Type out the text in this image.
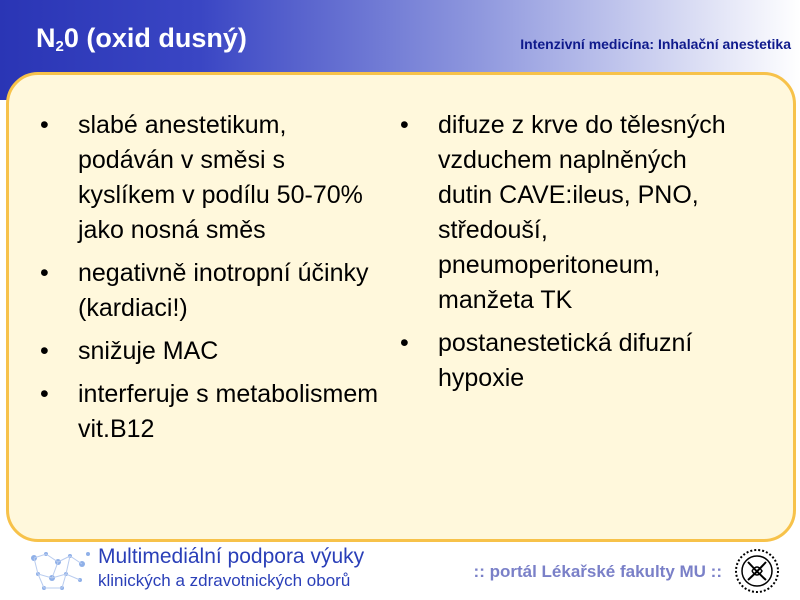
$N_20$ (oxid dusný)	Intenzivní medicína: Inhalační anestetika
•	slabé anestetikum, podáván v směsi s kyslíkem v podílu 50-70% jako nosná směs
•	negativně inotropní účinky (kardiaci!)
•	snižuje MAC
•	interferuje s metabolismem vit.B12
•	difuze z krve do tělesných vzduchem naplněných dutin CAVE:ileus, PNO, středouší, pneumoperitoneum, manžeta TK
•	postanestetická difuzní hypoxie
Multimediální podpora výuky
klinických a zdravotnických oborů	:: portál Lékařské fakulty MU ::
